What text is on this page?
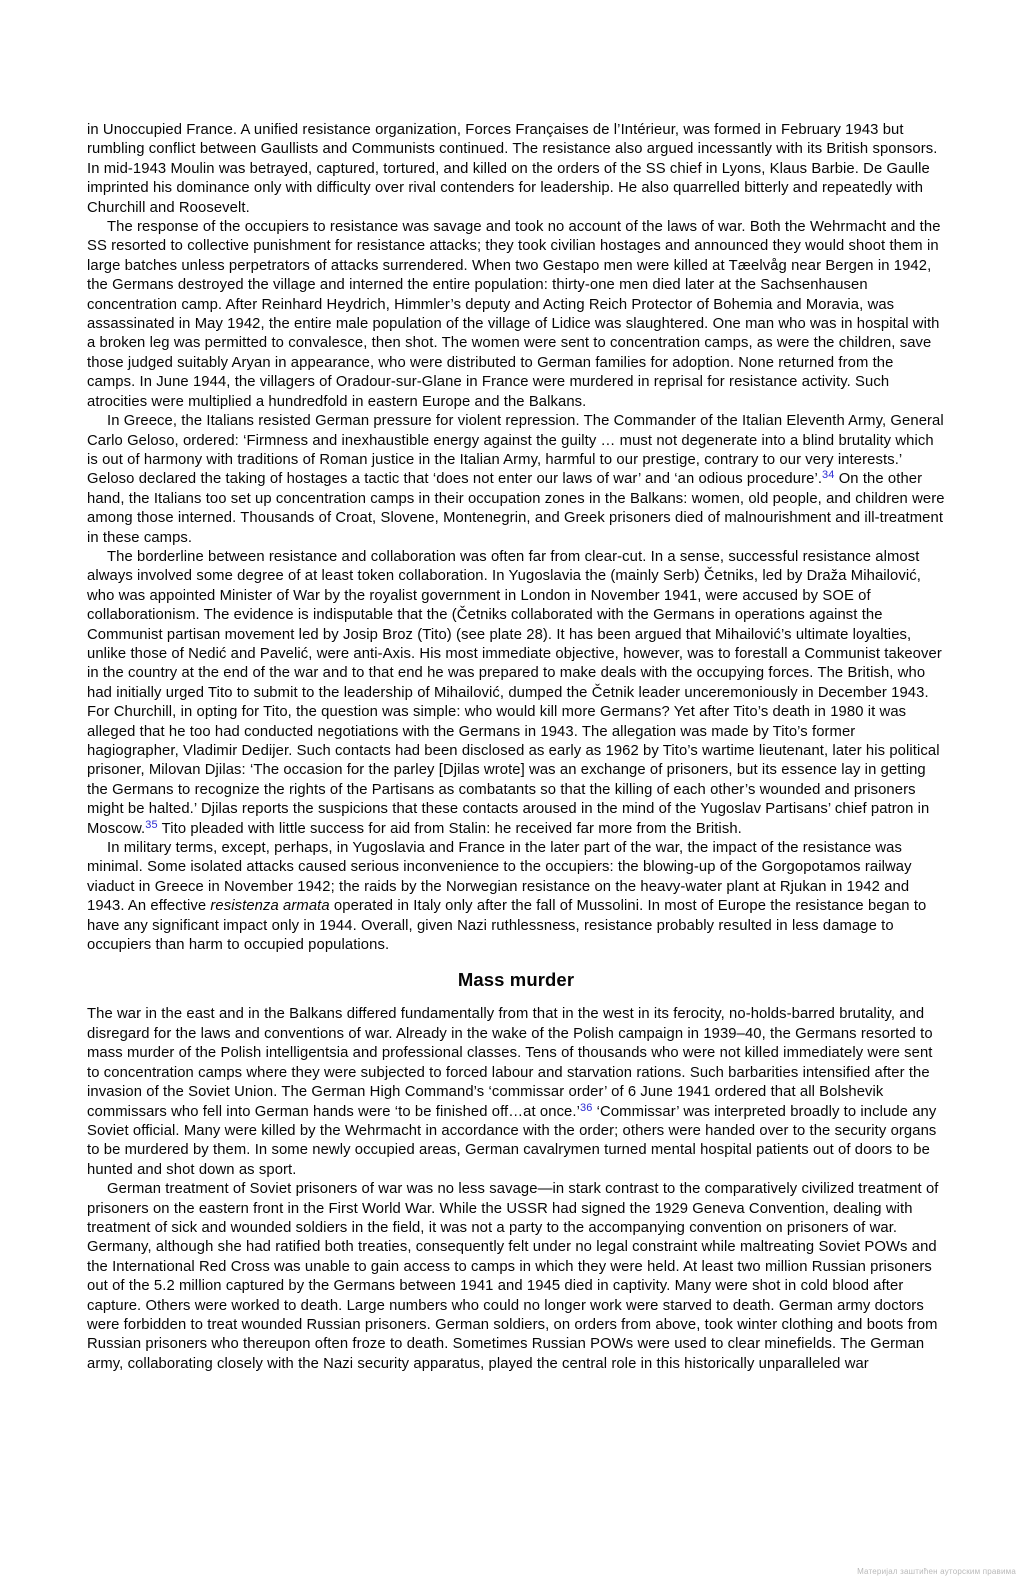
in Unoccupied France. A unified resistance organization, Forces Françaises de l’Intérieur, was formed in February 1943 but rumbling conflict between Gaullists and Communists continued. The resistance also argued incessantly with its British sponsors. In mid-1943 Moulin was betrayed, captured, tortured, and killed on the orders of the SS chief in Lyons, Klaus Barbie. De Gaulle imprinted his dominance only with difficulty over rival contenders for leadership. He also quarrelled bitterly and repeatedly with Churchill and Roosevelt.

The response of the occupiers to resistance was savage and took no account of the laws of war. Both the Wehrmacht and the SS resorted to collective punishment for resistance attacks; they took civilian hostages and announced they would shoot them in large batches unless perpetrators of attacks surrendered. When two Gestapo men were killed at Tæelvåg near Bergen in 1942, the Germans destroyed the village and interned the entire population: thirty-one men died later at the Sachsenhausen concentration camp. After Reinhard Heydrich, Himmler’s deputy and Acting Reich Protector of Bohemia and Moravia, was assassinated in May 1942, the entire male population of the village of Lidice was slaughtered. One man who was in hospital with a broken leg was permitted to convalesce, then shot. The women were sent to concentration camps, as were the children, save those judged suitably Aryan in appearance, who were distributed to German families for adoption. None returned from the camps. In June 1944, the villagers of Oradour-sur-Glane in France were murdered in reprisal for resistance activity. Such atrocities were multiplied a hundredfold in eastern Europe and the Balkans.

In Greece, the Italians resisted German pressure for violent repression. The Commander of the Italian Eleventh Army, General Carlo Geloso, ordered: ‘Firmness and inexhaustible energy against the guilty … must not degenerate into a blind brutality which is out of harmony with traditions of Roman justice in the Italian Army, harmful to our prestige, contrary to our very interests.’ Geloso declared the taking of hostages a tactic that ‘does not enter our laws of war’ and ‘an odious procedure’.$^{34}$ On the other hand, the Italians too set up concentration camps in their occupation zones in the Balkans: women, old people, and children were among those interned. Thousands of Croat, Slovene, Montenegrin, and Greek prisoners died of malnourishment and ill-treatment in these camps.

The borderline between resistance and collaboration was often far from clear-cut. In a sense, successful resistance almost always involved some degree of at least token collaboration. In Yugoslavia the (mainly Serb) Četniks, led by Draža Mihailović, who was appointed Minister of War by the royalist government in London in November 1941, were accused by SOE of collaborationism. The evidence is indisputable that the (Četniks collaborated with the Germans in operations against the Communist partisan movement led by Josip Broz (Tito) (see plate 28). It has been argued that Mihailović’s ultimate loyalties, unlike those of Nedić and Pavelić, were anti-Axis. His most immediate objective, however, was to forestall a Communist takeover in the country at the end of the war and to that end he was prepared to make deals with the occupying forces. The British, who had initially urged Tito to submit to the leadership of Mihailović, dumped the Četnik leader unceremoniously in December 1943. For Churchill, in opting for Tito, the question was simple: who would kill more Germans? Yet after Tito’s death in 1980 it was alleged that he too had conducted negotiations with the Germans in 1943. The allegation was made by Tito’s former hagiographer, Vladimir Dedijer. Such contacts had been disclosed as early as 1962 by Tito’s wartime lieutenant, later his political prisoner, Milovan Djilas: ‘The occasion for the parley [Djilas wrote] was an exchange of prisoners, but its essence lay in getting the Germans to recognize the rights of the Partisans as combatants so that the killing of each other’s wounded and prisoners might be halted.’ Djilas reports the suspicions that these contacts aroused in the mind of the Yugoslav Partisans’ chief patron in Moscow.$^{35}$ Tito pleaded with little success for aid from Stalin: he received far more from the British.

In military terms, except, perhaps, in Yugoslavia and France in the later part of the war, the impact of the resistance was minimal. Some isolated attacks caused serious inconvenience to the occupiers: the blowing-up of the Gorgopotamos railway viaduct in Greece in November 1942; the raids by the Norwegian resistance on the heavy-water plant at Rjukan in 1942 and 1943. An effective resistenza armata operated in Italy only after the fall of Mussolini. In most of Europe the resistance began to have any significant impact only in 1944. Overall, given Nazi ruthlessness, resistance probably resulted in less damage to occupiers than harm to occupied populations.

Mass murder

The war in the east and in the Balkans differed fundamentally from that in the west in its ferocity, no-holds-barred brutality, and disregard for the laws and conventions of war. Already in the wake of the Polish campaign in 1939–40, the Germans resorted to mass murder of the Polish intelligentsia and professional classes. Tens of thousands who were not killed immediately were sent to concentration camps where they were subjected to forced labour and starvation rations. Such barbarities intensified after the invasion of the Soviet Union. The German High Command’s ‘commissar order’ of 6 June 1941 ordered that all Bolshevik commissars who fell into German hands were ‘to be finished off…at once.’$^{36}$ ‘Commissar’ was interpreted broadly to include any Soviet official. Many were killed by the Wehrmacht in accordance with the order; others were handed over to the security organs to be murdered by them. In some newly occupied areas, German cavalrymen turned mental hospital patients out of doors to be hunted and shot down as sport.

German treatment of Soviet prisoners of war was no less savage—in stark contrast to the comparatively civilized treatment of prisoners on the eastern front in the First World War. While the USSR had signed the 1929 Geneva Convention, dealing with treatment of sick and wounded soldiers in the field, it was not a party to the accompanying convention on prisoners of war. Germany, although she had ratified both treaties, consequently felt under no legal constraint while maltreating Soviet POWs and the International Red Cross was unable to gain access to camps in which they were held. At least two million Russian prisoners out of the 5.2 million captured by the Germans between 1941 and 1945 died in captivity. Many were shot in cold blood after capture. Others were worked to death. Large numbers who could no longer work were starved to death. German army doctors were forbidden to treat wounded Russian prisoners. German soldiers, on orders from above, took winter clothing and boots from Russian prisoners who thereupon often froze to death. Sometimes Russian POWs were used to clear minefields. The German army, collaborating closely with the Nazi security apparatus, played the central role in this historically unparalleled war

Материјал заштићен ауторским правима
